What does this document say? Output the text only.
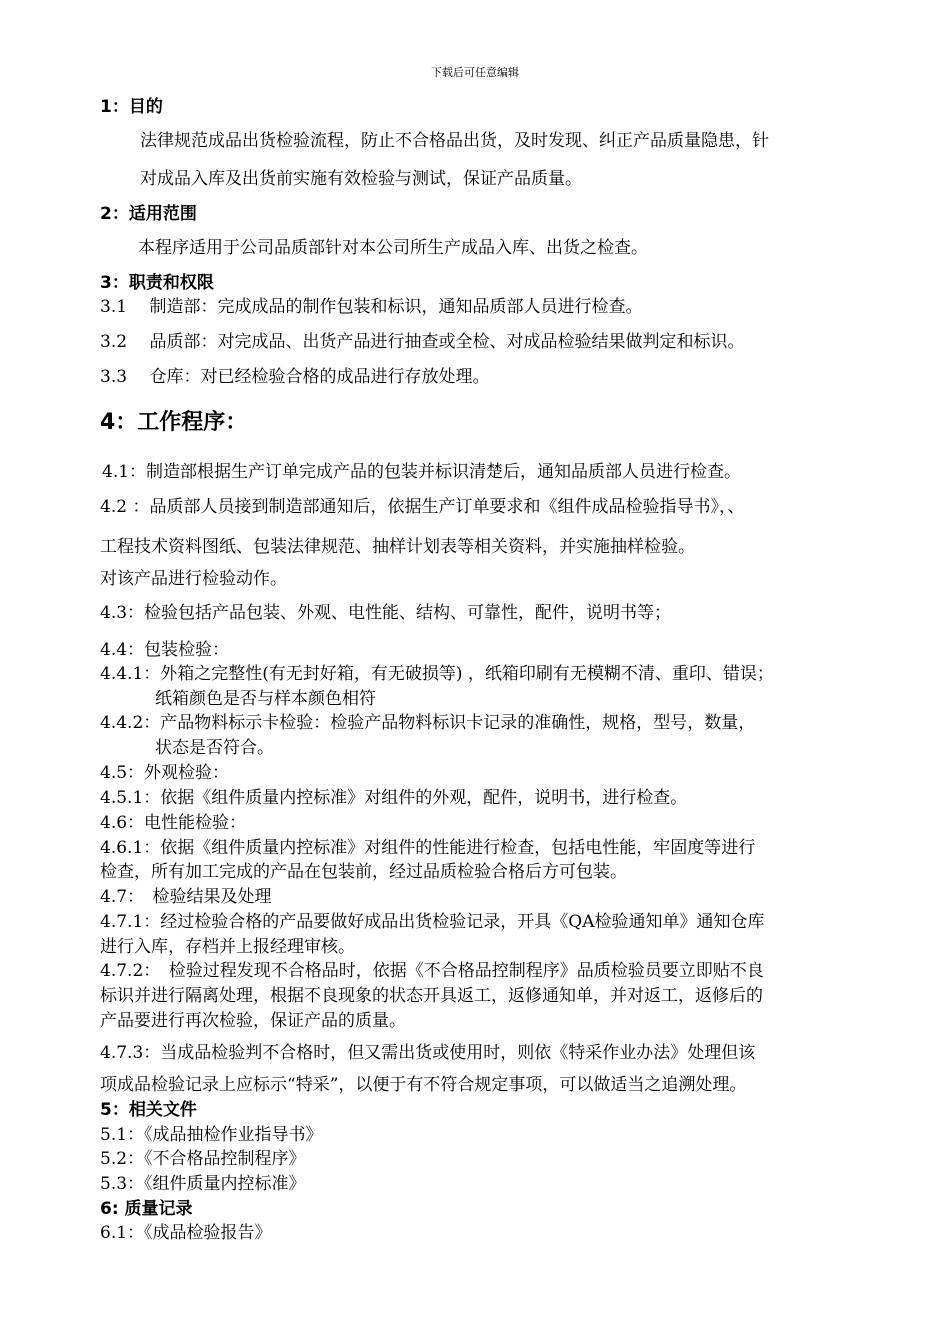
下载后可任意编辑
1：目的
法律规范成品出货检验流程，防止不合格品出货，及时发现、纠正产品质量隐患，针
对成品入库及出货前实施有效检验与测试，保证产品质量。
2：适用范围
本程序适用于公司品质部针对本公司所生产成品入库、出货之检查。
3：职责和权限
3.1　 制造部：完成成品的制作包装和标识，通知品质部人员进行检查。
3.2　 品质部：对完成品、出货产品进行抽查或全检、对成品检验结果做判定和标识。
3.3　 仓库：对已经检验合格的成品进行存放处理。
4：工作程序：
4.1：制造部根据生产订单完成产品的包装并标识清楚后，通知品质部人员进行检查。
4.2 ：品质部人员接到制造部通知后，依据生产订单要求和《组件成品检验指导书》，、
工程技术资料图纸、包装法律规范、抽样计划表等相关资料，并实施抽样检验。
对该产品进行检验动作。
4.3：检验包括产品包装、外观、电性能、结构、可靠性，配件，说明书等；
4.4：包装检验：
4.4.1：外箱之完整性(有无封好箱，有无破损等) ，纸箱印刷有无模糊不清、重印、错误；
纸箱颜色是否与样本颜色相符
4.4.2：产品物料标示卡检验：检验产品物料标识卡记录的准确性，规格，型号，数量，
状态是否符合。
4.5：外观检验：
4.5.1：依据《组件质量内控标准》对组件的外观，配件，说明书，进行检查。
4.6：电性能检验：
4.6.1：依据《组件质量内控标准》对组件的性能进行检查，包括电性能，牢固度等进行
检查，所有加工完成的产品在包装前，经过品质检验合格后方可包装。
4.7：　检验结果及处理
4.7.1：经过检验合格的产品要做好成品出货检验记录，开具《QA检验通知单》通知仓库
进行入库，存档并上报经理审核。
4.7.2：　检验过程发现不合格品时，依据《不合格品控制程序》品质检验员要立即贴不良
标识并进行隔离处理，根据不良现象的状态开具返工，返修通知单，并对返工，返修后的
产品要进行再次检验，保证产品的质量。
4.7.3：当成品检验判不合格时，但又需出货或使用时，则依《特采作业办法》处理但该
项成品检验记录上应标示“特采”，以便于有不符合规定事项，可以做适当之追溯处理。
5：相关文件
5.1：《成品抽检作业指导书》
5.2：《不合格品控制程序》
5.3：《组件质量内控标准》
6: 质量记录
6.1：《成品检验报告》
